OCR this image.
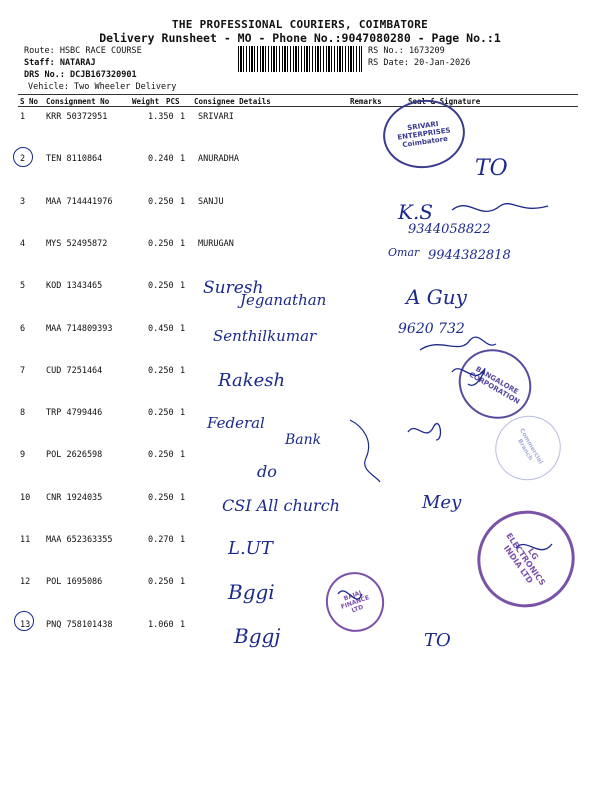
THE PROFESSIONAL COURIERS, COIMBATORE
Delivery Runsheet - MO - Phone No.:9047080280 - Page No.:1
Route: HSBC RACE COURSE
Staff: NATARAJ
DRS No.: DCJB167320901
Vehicle: Two Wheeler Delivery
RS No.: 1673209
RS Date: 20-Jan-2026
S No Consignment No	Weight PCS Consignee Details	Remarks	Seal & Signature
1 KRR 50372951	1.350 1 SRIVARI
2 TEN 8110864	0.240 1 ANURADHA
3 MAA 714441976	0.250 1 SANJU
4 MYS 52495872	0.250 1 MURUGAN
5 KOD 1343465	0.250 1
6 MAA 714809393	0.450 1
7 CUD 7251464	0.250 1
8 TRP 4799446	0.250 1
9 POL 2626598	0.250 1
10 CNR 1924035	0.250 1
11 MAA 652363355	0.270 1
12 POL 1695086	0.250 1
13 PNQ 758101438	1.060 1
SRIVARI ENTERPRISES Coimbatore
BANGALORE CORPORATION
Commercial Branch
LG ELECTRONICS INDIA LTD
BAJAJ FINANCE LTD
TO
K.S
9344058822
Omar 9944382818
Suresh
Jeganathan	A Guy
Senthilkumar	9620 732
Rakesh
Federal
Bank
do
CSI All church	Mey
L.UT
Bggi
Bggj	TO
